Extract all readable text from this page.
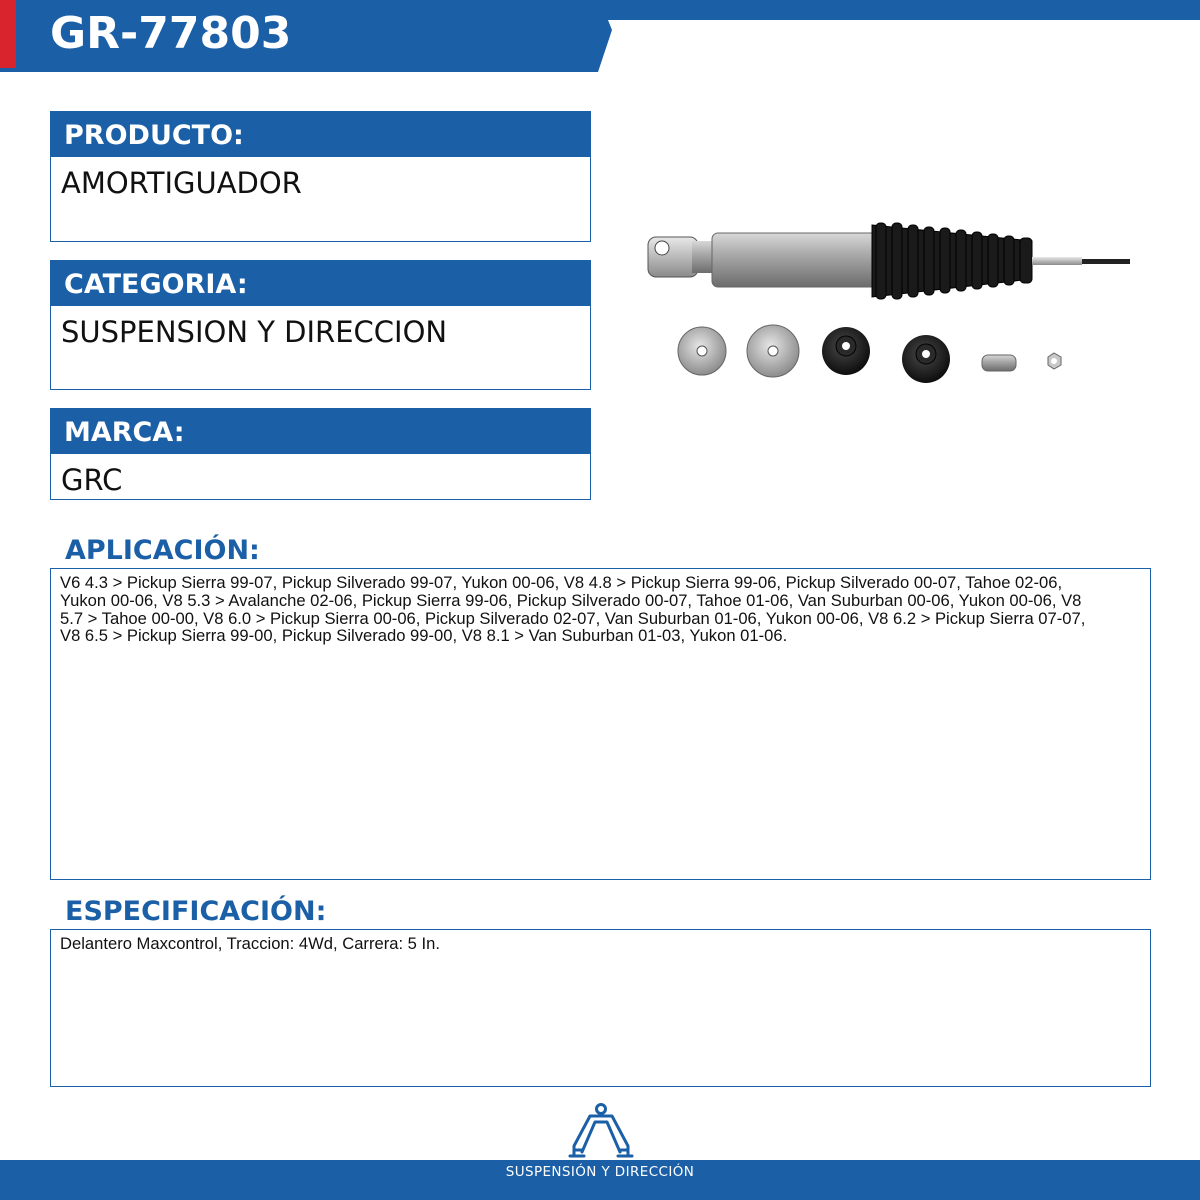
GR-77803
PRODUCTO:
AMORTIGUADOR
CATEGORIA:
SUSPENSION Y DIRECCION
MARCA:
GRC
APLICACIÓN:
V6 4.3 > Pickup Sierra 99-07, Pickup Silverado 99-07, Yukon 00-06, V8 4.8 > Pickup Sierra 99-06, Pickup Silverado 00-07, Tahoe 02-06,
Yukon 00-06, V8 5.3 > Avalanche 02-06, Pickup Sierra 99-06, Pickup Silverado 00-07, Tahoe 01-06, Van Suburban 00-06, Yukon 00-06, V8
5.7 > Tahoe 00-00, V8 6.0 > Pickup Sierra 00-06, Pickup Silverado 02-07, Van Suburban 01-06, Yukon 00-06, V8 6.2 > Pickup Sierra 07-07,
V8 6.5 > Pickup Sierra 99-00, Pickup Silverado 99-00, V8 8.1 > Van Suburban 01-03, Yukon 01-06.
ESPECIFICACIÓN:
Delantero Maxcontrol, Traccion: 4Wd, Carrera: 5 In.
SUSPENSIÓN Y DIRECCIÓN
